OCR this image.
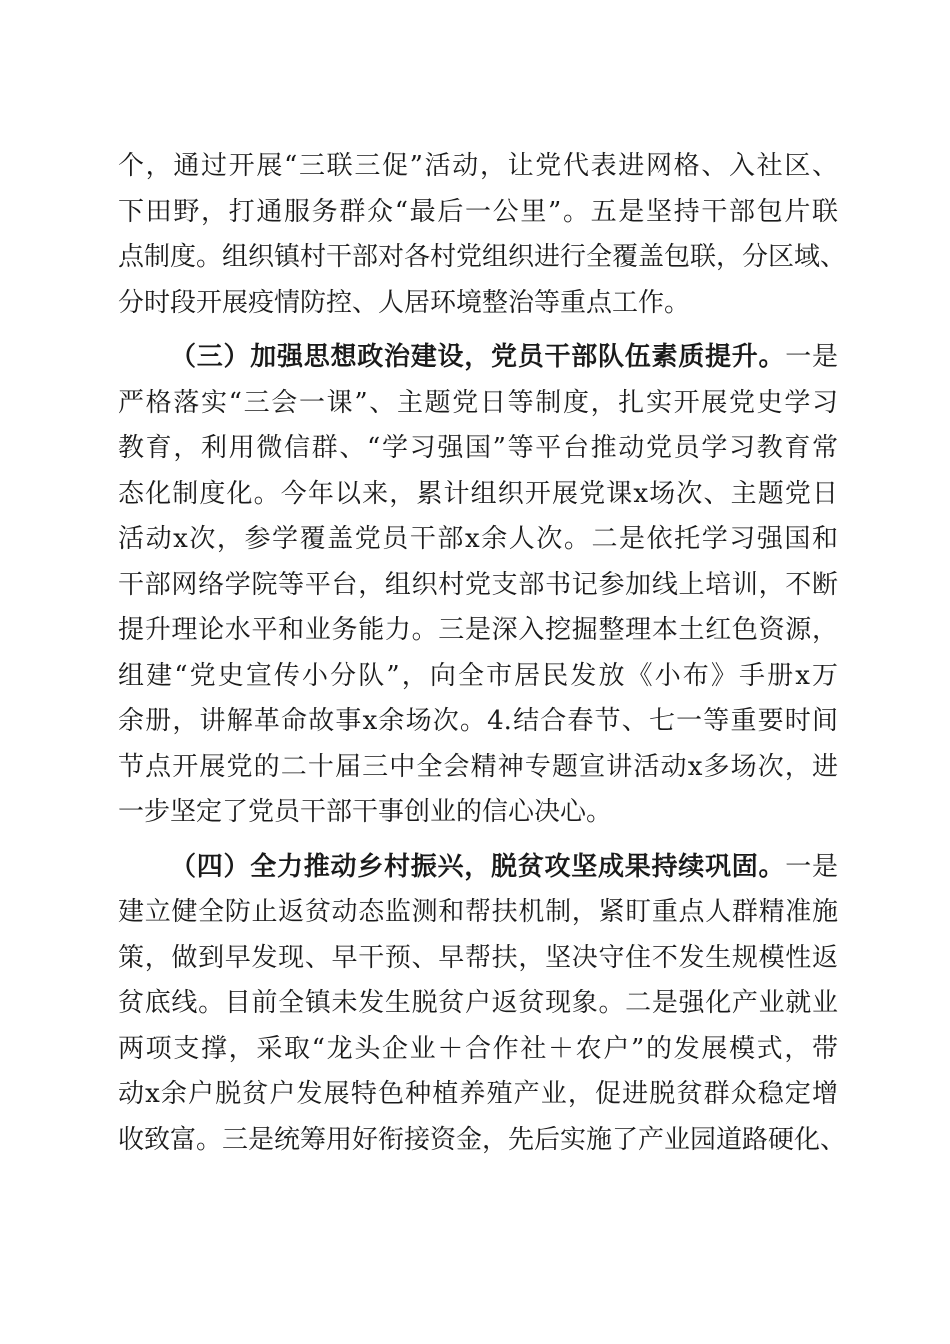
个，通过开展“三联三促”活动，让党代表进网格、入社区、
下田野，打通服务群众“最后一公里”。五是坚持干部包片联
点制度。组织镇村干部对各村党组织进行全覆盖包联，分区域、
分时段开展疫情防控、人居环境整治等重点工作。
（三）加强思想政治建设，党员干部队伍素质提升。一是
严格落实“三会一课”、主题党日等制度，扎实开展党史学习
教育，利用微信群、“学习强国”等平台推动党员学习教育常
态化制度化。今年以来，累计组织开展党课x场次、主题党日
活动x次，参学覆盖党员干部x余人次。二是依托学习强国和
干部网络学院等平台，组织村党支部书记参加线上培训，不断
提升理论水平和业务能力。三是深入挖掘整理本土红色资源，
组建“党史宣传小分队”，向全市居民发放《小布》手册x万
余册，讲解革命故事x余场次。4.结合春节、七一等重要时间
节点开展党的二十届三中全会精神专题宣讲活动x多场次，进
一步坚定了党员干部干事创业的信心决心。
（四）全力推动乡村振兴，脱贫攻坚成果持续巩固。一是
建立健全防止返贫动态监测和帮扶机制，紧盯重点人群精准施
策，做到早发现、早干预、早帮扶，坚决守住不发生规模性返
贫底线。目前全镇未发生脱贫户返贫现象。二是强化产业就业
两项支撑，采取“龙头企业＋合作社＋农户”的发展模式，带
动x余户脱贫户发展特色种植养殖产业，促进脱贫群众稳定增
收致富。三是统筹用好衔接资金，先后实施了产业园道路硬化、
